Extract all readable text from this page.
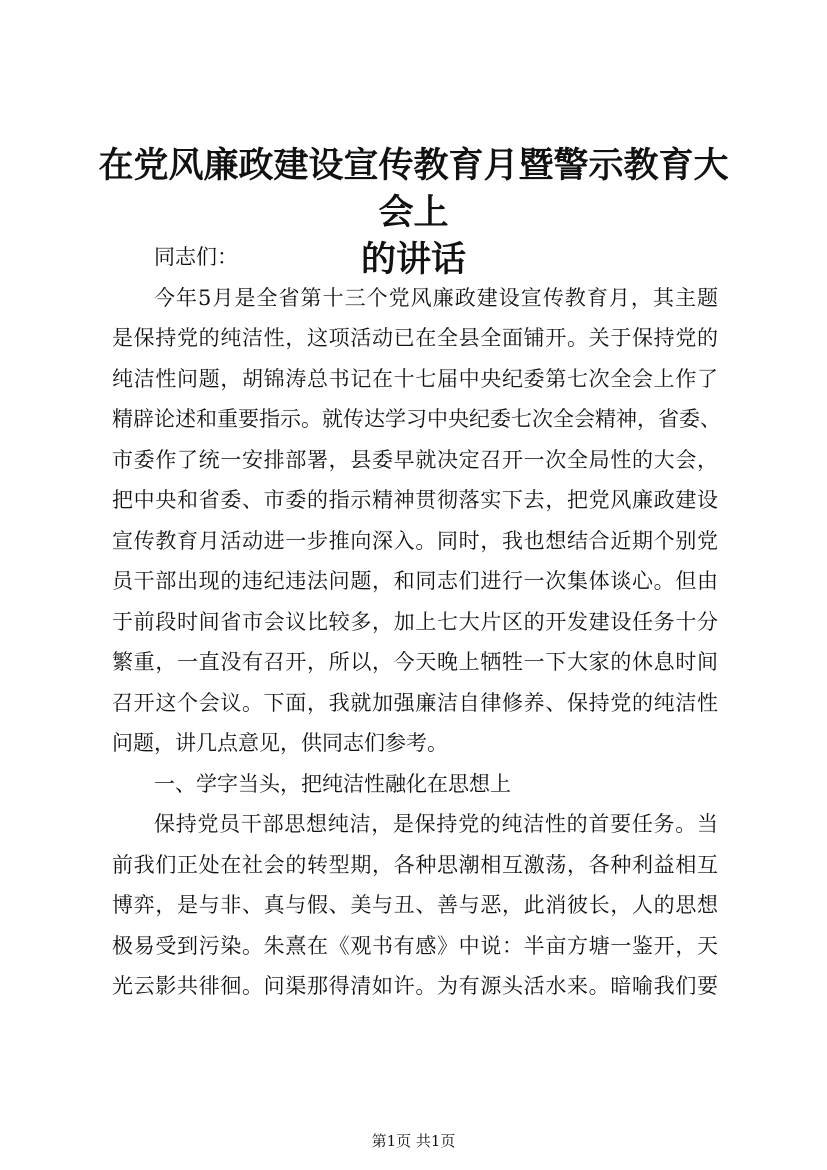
在党风廉政建设宣传教育月暨警示教育大会上
的讲话
同志们：
今年5月是全省第十三个党风廉政建设宣传教育月，其主题
是保持党的纯洁性，这项活动已在全县全面铺开。关于保持党的
纯洁性问题，胡锦涛总书记在十七届中央纪委第七次全会上作了
精辟论述和重要指示。就传达学习中央纪委七次全会精神，省委、
市委作了统一安排部署，县委早就决定召开一次全局性的大会，
把中央和省委、市委的指示精神贯彻落实下去，把党风廉政建设
宣传教育月活动进一步推向深入。同时，我也想结合近期个别党
员干部出现的违纪违法问题，和同志们进行一次集体谈心。但由
于前段时间省市会议比较多，加上七大片区的开发建设任务十分
繁重，一直没有召开，所以，今天晚上牺牲一下大家的休息时间
召开这个会议。下面，我就加强廉洁自律修养、保持党的纯洁性
问题，讲几点意见，供同志们参考。
一、学字当头，把纯洁性融化在思想上
保持党员干部思想纯洁，是保持党的纯洁性的首要任务。当
前我们正处在社会的转型期，各种思潮相互激荡，各种利益相互
博弈，是与非、真与假、美与丑、善与恶，此消彼长，人的思想
极易受到污染。朱熹在《观书有感》中说：半亩方塘一鉴开，天
光云影共徘徊。问渠那得清如许。为有源头活水来。暗喻我们要
第1页 共1页
